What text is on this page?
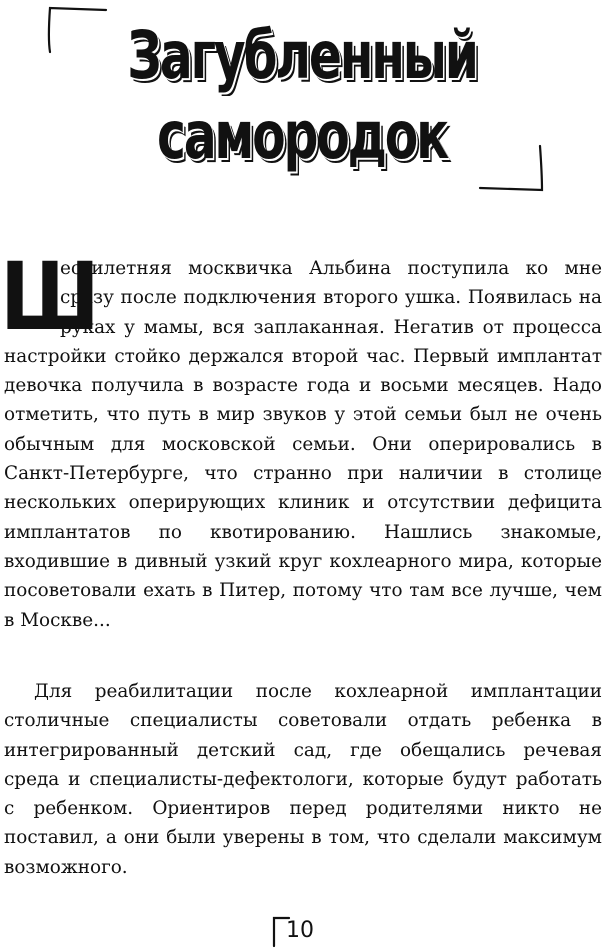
Загубленный
самородок

Ш
естилетняя москвичка Альбина поступила ко мне сразу после подключения второго ушка. Появилась на руках у мамы, вся заплаканная. Негатив от процесса настройки стойко держался второй час. Первый имплантат девочка получила в возрасте года и восьми месяцев. Надо отметить, что путь в мир звуков у этой семьи был не очень обычным для московской семьи. Они оперировались в Санкт-Петербурге, что странно при наличии в столице нескольких оперирующих клиник и отсутствии дефицита имплантатов по квотированию. Нашлись знакомые, входившие в дивный узкий круг кохлеарного мира, которые посоветовали ехать в Питер, потому что там все лучше, чем в Москве...

Для реабилитации после кохлеарной имплантации столичные специалисты советовали отдать ребенка в интегрированный детский сад, где обещались речевая среда и специалисты-дефектологи, которые будут работать с ребенком. Ориентиров перед родителями никто не поставил, а они были уверены в том, что сделали максимум возможного.

10
